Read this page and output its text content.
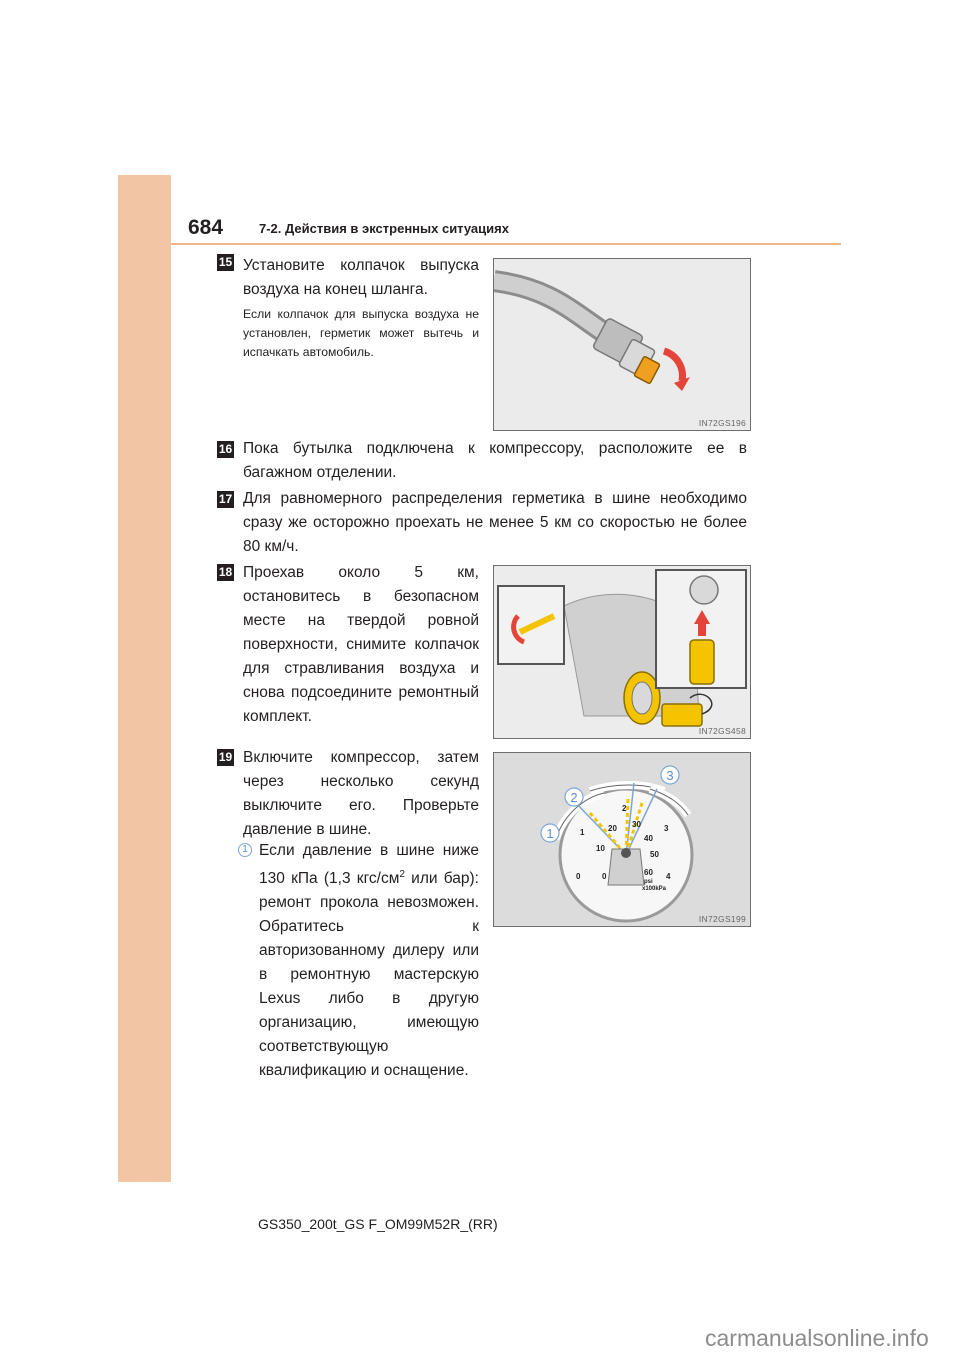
684	7-2. Действия в экстренных ситуациях
15 Установите колпачок выпуска воздуха на конец шланга.
Если колпачок для выпуска воздуха не установлен, герметик может вытечь и испачкать автомобиль.
IN72GS196
16 Пока бутылка подключена к компрессору, расположите ее в багажном отделении.
17 Для равномерного распределения герметика в шине необходимо сразу же осторожно проехать не менее 5 км со скоростью не более 80 км/ч.
18 Проехав около 5 км, остановитесь в безопасном месте на твердой ровной поверхности, снимите колпачок для стравливания воздуха и снова подсоедините ремонтный комплект.
IN72GS458
19 Включите компрессор, затем через несколько секунд выключите его. Проверьте давление в шине.
1 Если давление в шине ниже 130 кПа (1,3 кгс/$см^2$ или бар): ремонт прокола невозможен. Обратитесь к авторизованному дилеру или в ремонтную мастерскую Lexus либо в другую организацию, имеющую соответствующую квалификацию и оснащение.
1
2
3
0
10
20 30
40
50
60
0
1
2
3
4
psi
x100kPa
IN72GS199
GS350_200t_GS F_OM99M52R_(RR)
carmanualsonline.info
